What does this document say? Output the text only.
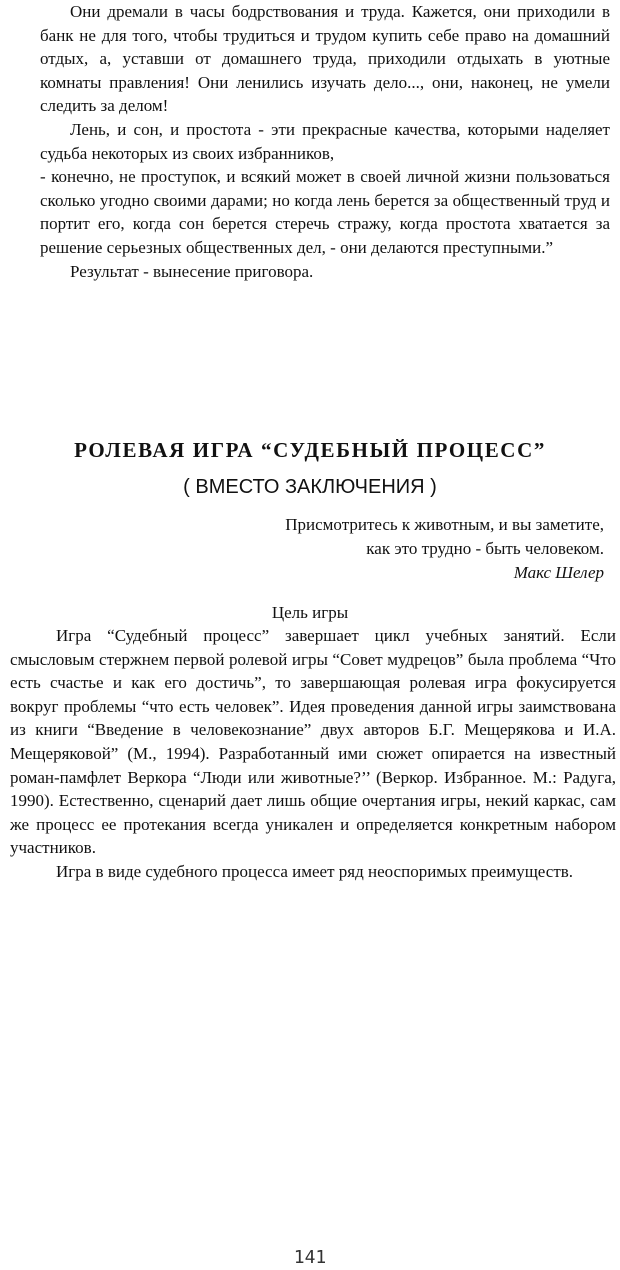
Они дремали в часы бодрствования и труда. Кажется, они приходили в банк не для того, чтобы трудиться и трудом купить себе право на домашний отдых, а, уставши от домашнего труда, приходили отдыхать в уютные комнаты правления! Они ленились изучать дело..., они, наконец, не умели следить за делом!

Лень, и сон, и простота - эти прекрасные качества, которыми наделяет судьба некоторых из своих избранников,

- конечно, не проступок, и всякий может в своей личной жизни пользоваться сколько угодно своими дарами; но когда лень берется за общественный труд и портит его, когда сон берется стеречь стражу, когда простота хватается за решение серьезных общественных дел, - они делаются преступными.”

Результат - вынесение приговора.

РОЛЕВАЯ ИГРА “СУДЕБНЫЙ ПРОЦЕСС”
( ВМЕСТО ЗАКЛЮЧЕНИЯ )
Присмотритесь к животным, и вы заметите,
как это трудно - быть человеком.
Макс Шелер
Цель игры

Игра “Судебный процесс” завершает цикл учебных занятий. Если смысловым стержнем первой ролевой игры “Совет мудрецов” была проблема “Что есть счастье и как его достичь”, то завершающая ролевая игра фокусируется вокруг проблемы “что есть человек”. Идея проведения данной игры заимствована из книги “Введение в человекознание” двух авторов Б.Г. Мещерякова и И.А. Мещеряковой” (М., 1994). Разработанный ими сюжет опирается на известный роман-памфлет Веркора “Люди или животные?’’ (Веркор. Избранное. М.: Радуга, 1990). Естественно, сценарий дает лишь общие очертания игры, некий каркас, сам же процесс ее протекания всегда уникален и определяется конкретным набором участников.

Игра в виде судебного процесса имеет ряд неоспоримых преимуществ.

141
